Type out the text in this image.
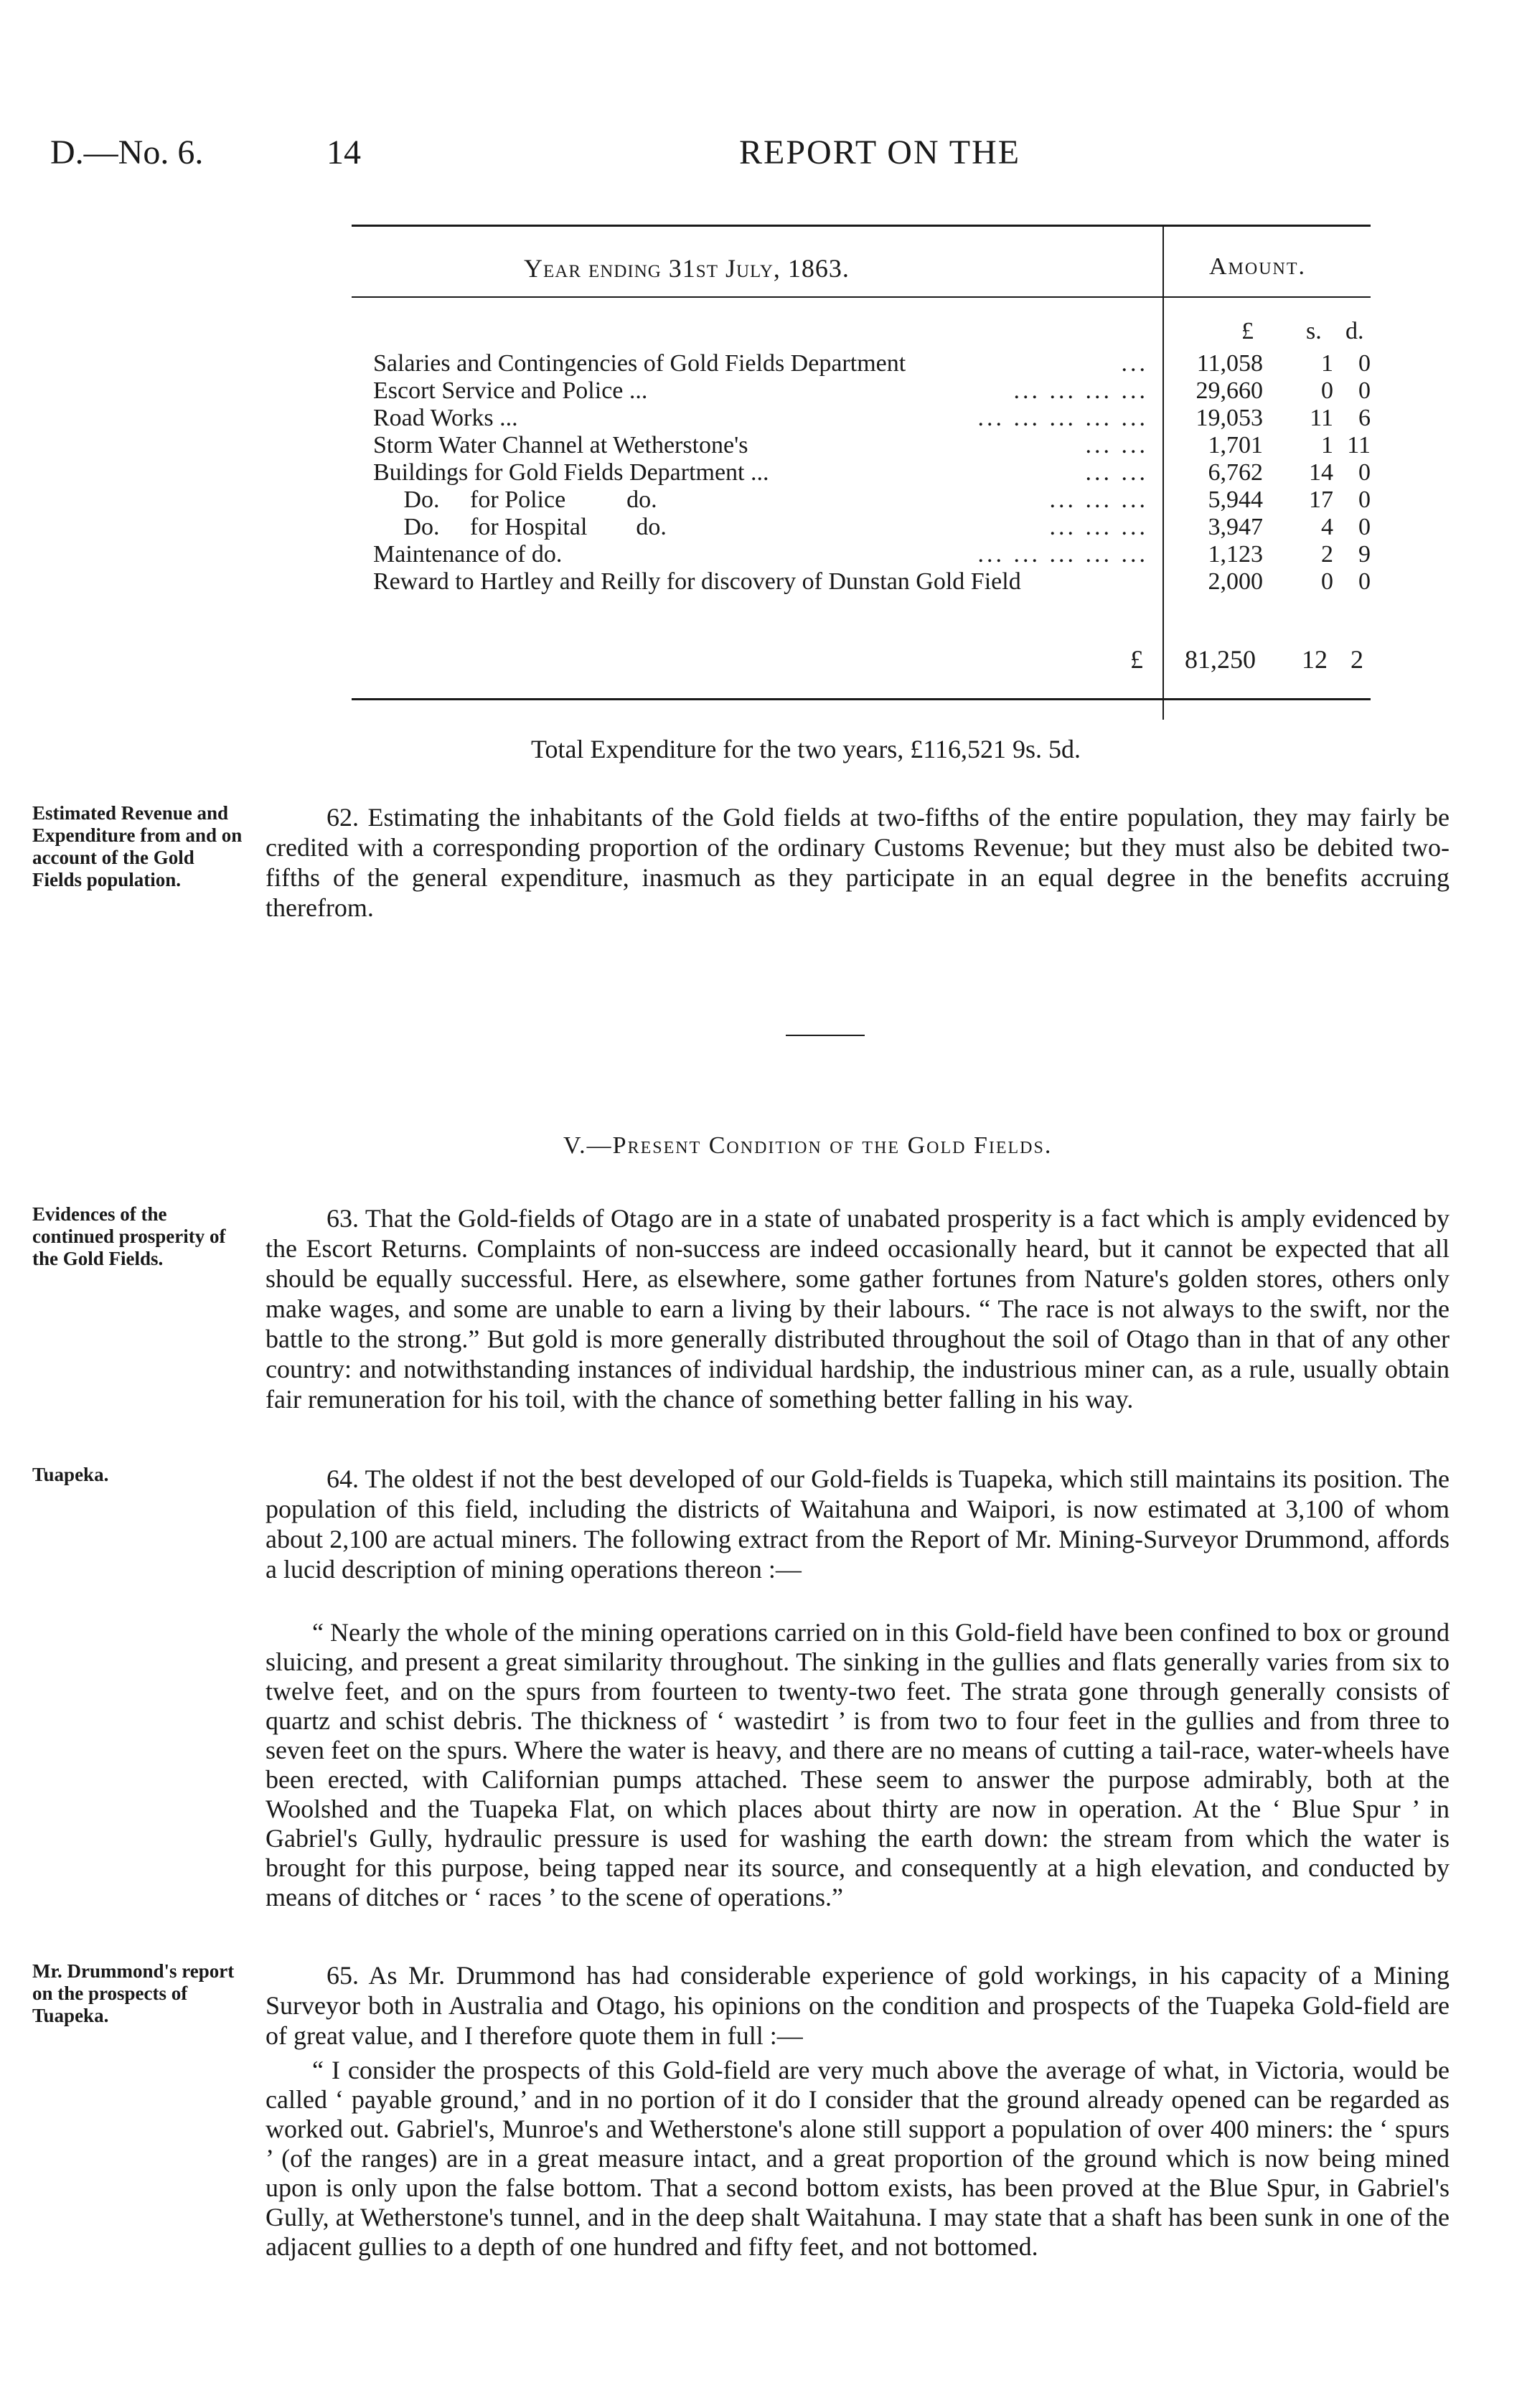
D.—No. 6.	14	REPORT ON THE
Year ending 31st July, 1863.	Amount.
£ s. d.
Salaries and Contingencies of Gold Fields Department	... 11,058 1 0
Escort Service and Police ...	... ... ... ... 29,660 0 0
Road Works ...	... ... ... ... ... 19,053 11 6
Storm Water Channel at Wetherstone's	... ... 1,701 1 11
Buildings for Gold Fields Department ...	... ... 6,762 14 0
Do.     for Police          do.	... ... ... 5,944 17 0
Do.     for Hospital        do.	... ... ... 3,947 4 0
Maintenance of do.	... ... ... ... ... 1,123 2 9
Reward to Hartley and Reilly for discovery of Dunstan Gold Field	2,000 0 0
£ 81,250 12 2
Total Expenditure for the two years, £116,521 9s. 5d.
Estimated Revenue and Expenditure from and on account of the Gold Fields population.

62. Estimating the inhabitants of the Gold fields at two-fifths of the entire population, they may fairly be credited with a corresponding proportion of the ordinary Customs Revenue; but they must also be debited two-fifths of the general expenditure, inasmuch as they participate in an equal degree in the benefits accruing therefrom.

V.—Present Condition of the Gold Fields.
Evidences of the continued prosperity of the Gold Fields.

63. That the Gold-fields of Otago are in a state of unabated prosperity is a fact which is amply evidenced by the Escort Returns. Complaints of non-success are indeed occasionally heard, but it cannot be expected that all should be equally successful. Here, as elsewhere, some gather fortunes from Nature's golden stores, others only make wages, and some are unable to earn a living by their labours. “ The race is not always to the swift, nor the battle to the strong.” But gold is more generally distributed throughout the soil of Otago than in that of any other country: and notwithstanding instances of individual hardship, the industrious miner can, as a rule, usually obtain fair remuneration for his toil, with the chance of something better falling in his way.

Tuapeka.	64. The oldest if not the best developed of our Gold-fields is Tuapeka, which still maintains its position. The population of this field, including the districts of Waitahuna and Waipori, is now estimated at 3,100 of whom about 2,100 are actual miners. The following extract from the Report of Mr. Mining-Surveyor Drummond, affords a lucid description of mining operations thereon :—

“ Nearly the whole of the mining operations carried on in this Gold-field have been confined to box or ground sluicing, and present a great similarity throughout. The sinking in the gullies and flats generally varies from six to twelve feet, and on the spurs from fourteen to twenty-two feet. The strata gone through generally consists of quartz and schist debris. The thickness of ‘ wastedirt ’ is from two to four feet in the gullies and from three to seven feet on the spurs. Where the water is heavy, and there are no means of cutting a tail-race, water-wheels have been erected, with Californian pumps attached. These seem to answer the purpose admirably, both at the Woolshed and the Tuapeka Flat, on which places about thirty are now in operation. At the ‘ Blue Spur ’ in Gabriel's Gully, hydraulic pressure is used for washing the earth down: the stream from which the water is brought for this purpose, being tapped near its source, and consequently at a high elevation, and conducted by means of ditches or ‘ races ’ to the scene of operations.”

Mr. Drummond's report on the prospects of Tuapeka.

65. As Mr. Drummond has had considerable experience of gold workings, in his capacity of a Mining Surveyor both in Australia and Otago, his opinions on the condition and prospects of the Tuapeka Gold-field are of great value, and I therefore quote them in full :—

“ I consider the prospects of this Gold-field are very much above the average of what, in Victoria, would be called ‘ payable ground,’ and in no portion of it do I consider that the ground already opened can be regarded as worked out. Gabriel's, Munroe's and Wetherstone's alone still support a population of over 400 miners: the ‘ spurs ’ (of the ranges) are in a great measure intact, and a great proportion of the ground which is now being mined upon is only upon the false bottom. That a second bottom exists, has been proved at the Blue Spur, in Gabriel's Gully, at Wetherstone's tunnel, and in the deep shalt Waitahuna. I may state that a shaft has been sunk in one of the adjacent gullies to a depth of one hundred and fifty feet, and not bottomed.
